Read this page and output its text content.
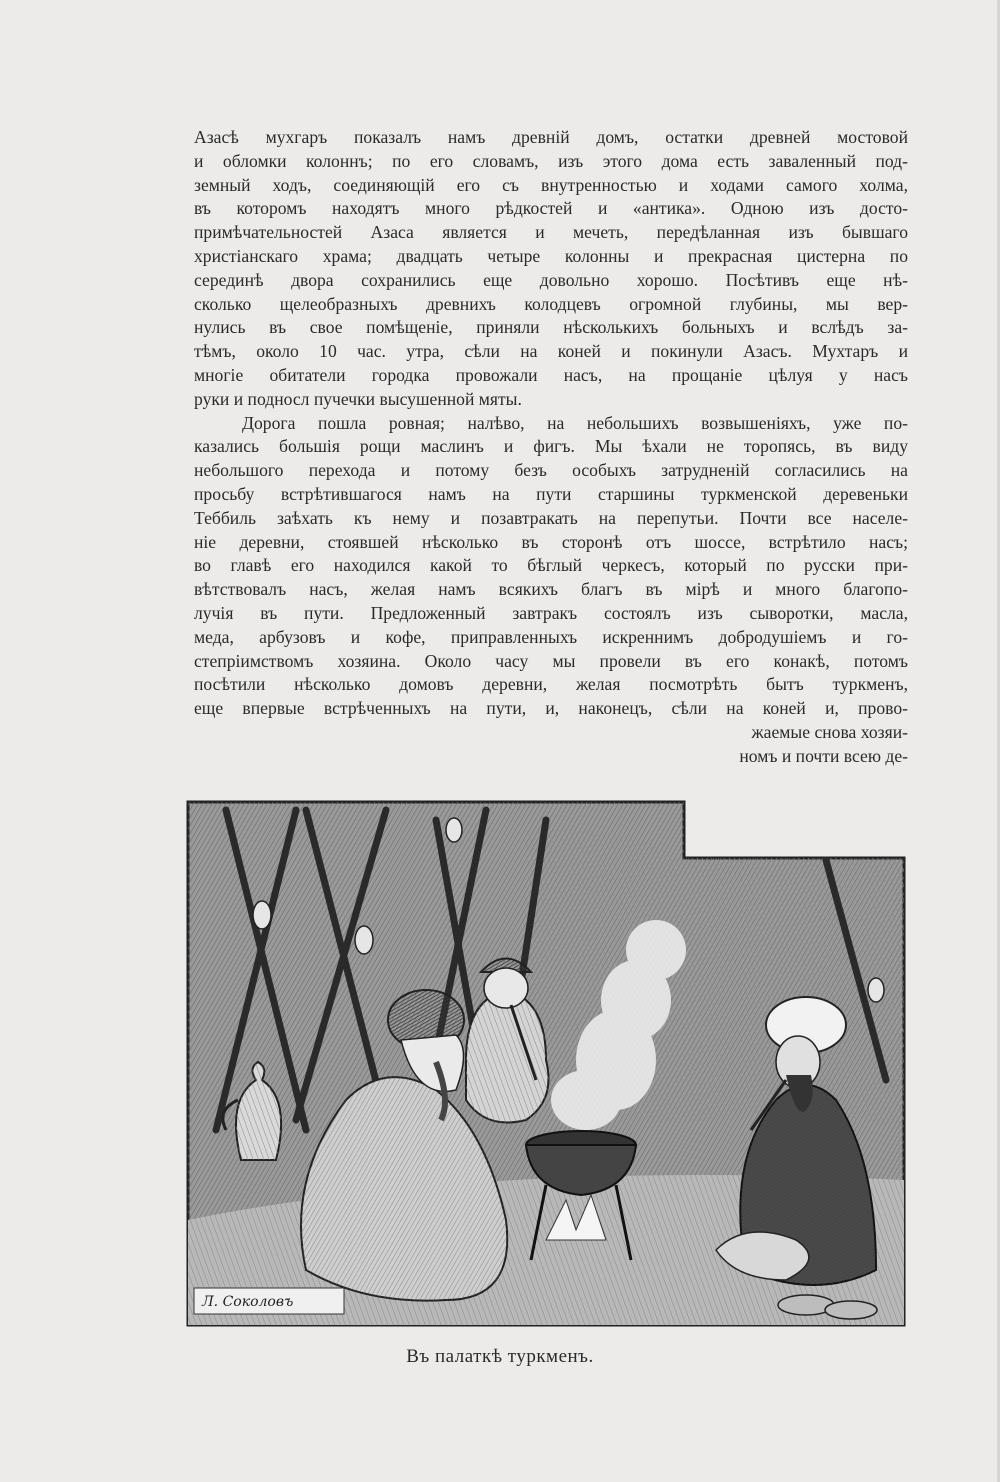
Азасѣ мухгаръ показалъ намъ древній домъ, остатки древней мостовой
и обломки колоннъ; по его словамъ, изъ этого дома есть заваленный под-
земный ходъ, соединяющій его съ внутренностью и ходами самого холма,
въ которомъ находятъ много рѣдкостей и «антика». Одною изъ досто-
примѣчательностей Азаса является и мечеть, передѣланная изъ бывшаго
христіанскаго храма; двадцать четыре колонны и прекрасная цистерна по
серединѣ двора сохранились еще довольно хорошо. Посѣтивъ еще нѣ-
сколько щелеобразныхъ древнихъ колодцевъ огромной глубины, мы вер-
нулись въ свое помѣщеніе, приняли нѣсколькихъ больныхъ и вслѣдъ за-
тѣмъ, около 10 час. утра, сѣли на коней и покинули Азасъ. Мухтаръ и
многіе обитатели городка провожали насъ, на прощаніе цѣлуя у насъ
руки и подносл пучечки высушенной мяты.
Дорога пошла ровная; налѣво, на небольшихъ возвышеніяхъ, уже по-
казались большія рощи маслинъ и фигъ. Мы ѣхали не торопясь, въ виду
небольшого перехода и потому безъ особыхъ затрудненій согласились на
просьбу встрѣтившагося намъ на пути старшины туркменской деревеньки
Теббиль заѣхать къ нему и позавтракать на перепутьи. Почти все населе-
ніе деревни, стоявшей нѣсколько въ сторонѣ отъ шоссе, встрѣтило насъ;
во главѣ его находился какой то бѣглый черкесъ, который по русски при-
вѣтствовалъ насъ, желая намъ всякихъ благъ въ мірѣ и много благопо-
лучія въ пути. Предложенный завтракъ состоялъ изъ сыворотки, масла,
меда, арбузовъ и кофе, приправленныхъ искреннимъ добродушіемъ и го-
степріимствомъ хозяина. Около часу мы провели въ его конакѣ, потомъ
посѣтили нѣсколько домовъ деревни, желая посмотрѣть бытъ туркменъ,
еще впервые встрѣченныхъ на пути, и, наконецъ, сѣли на коней и, прово-
жаемые снова хозяи-
номъ и почти всею де-
Л. Соколовъ
Въ палаткѣ туркменъ.
